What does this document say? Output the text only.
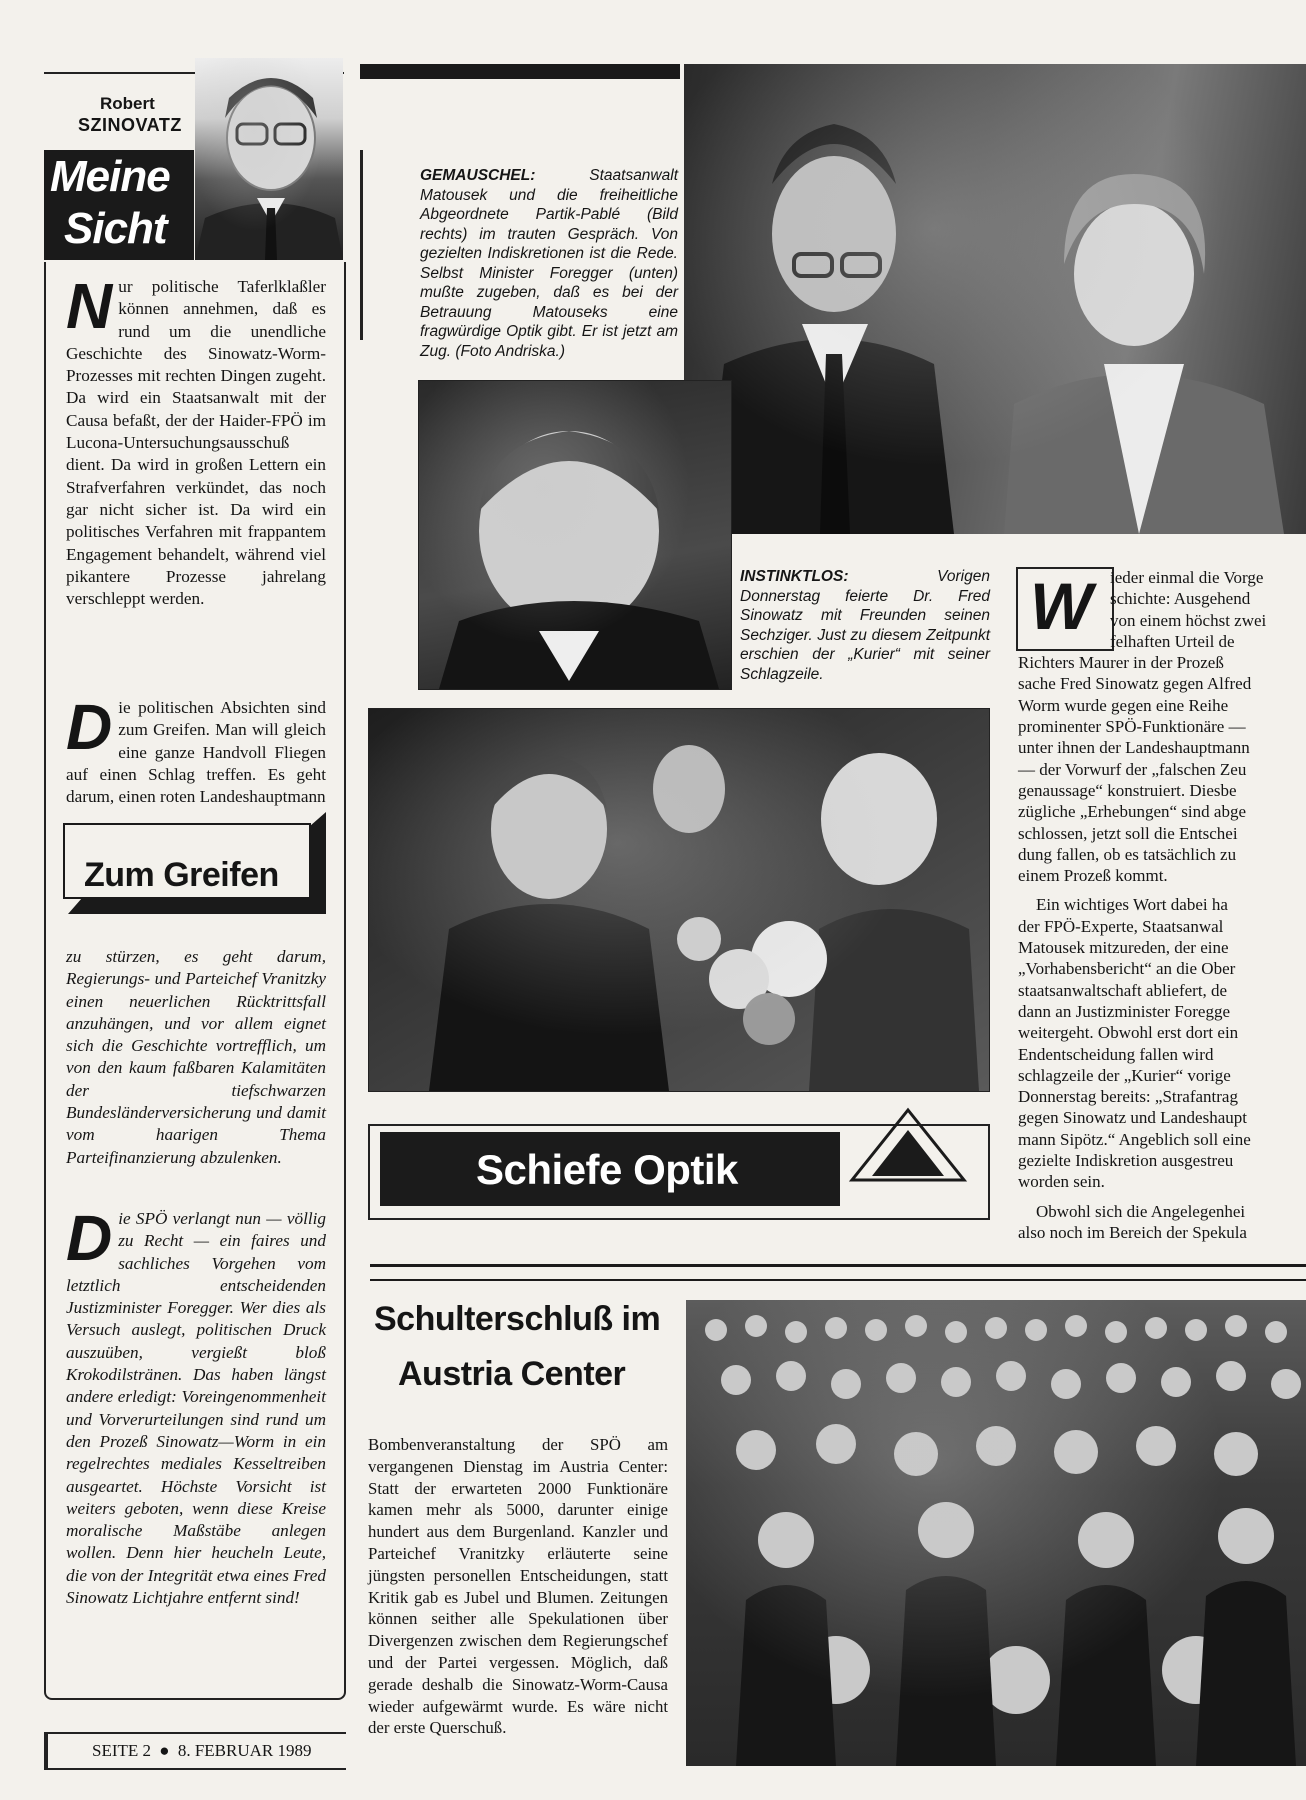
Robert
SZINOVATZ
Meine
Sicht
N ur politische Taferlklaßler können annehmen, daß es rund um die unendliche Geschichte des Sinowatz-Worm-Prozesses mit rechten Dingen zugeht. Da wird ein Staatsanwalt mit der Causa befaßt, der der Haider-FPÖ im Lucona-Untersuchungsausschuß dient. Da wird in großen Lettern ein Strafverfahren verkündet, das noch gar nicht sicher ist. Da wird ein politisches Verfahren mit frappantem Engagement behandelt, während viel pikantere Prozesse jahrelang verschleppt werden.
D ie politischen Absichten sind zum Greifen. Man will gleich eine ganze Handvoll Fliegen auf einen Schlag treffen. Es geht darum, einen roten Landeshauptmann
Zum Greifen
zu stürzen, es geht darum, Regierungs- und Parteichef Vranitzky einen neuerlichen Rücktrittsfall anzuhängen, und vor allem eignet sich die Geschichte vortrefflich, um von den kaum faßbaren Kalamitäten der tiefschwarzen Bundesländerversicherung und damit vom haarigen Thema Parteifinanzierung abzulenken.
D ie SPÖ verlangt nun — völlig zu Recht — ein faires und sachliches Vorgehen vom letztlich entscheidenden Justizminister Foregger. Wer dies als Versuch auslegt, politischen Druck auszuüben, vergießt bloß Krokodilstränen. Das haben längst andere erledigt: Voreingenommenheit und Vorverurteilungen sind rund um den Prozeß Sinowatz—Worm in ein regelrechtes mediales Kesseltreiben ausgeartet. Höchste Vorsicht ist weiters geboten, wenn diese Kreise moralische Maßstäbe anlegen wollen. Denn hier heucheln Leute, die von der Integrität etwa eines Fred Sinowatz Lichtjahre entfernt sind!
SEITE 2 ● 8. FEBRUAR 1989
GEMAUSCHEL:	Staatsanwalt Matousek und die freiheitliche Abgeordnete Partik-Pablé (Bild rechts) im trauten Gespräch. Von gezielten Indiskretionen ist die Rede. Selbst Minister Foregger (unten) mußte zugeben, daß es bei der Betrauung Matouseks eine fragwürdige Optik gibt. Er ist jetzt am Zug. (Foto Andriska.)
INSTINKTLOS:	Vorigen Donnerstag feierte Dr. Fred Sinowatz mit Freunden seinen Sechziger. Just zu diesem Zeitpunkt erschien der „Kurier“ mit seiner Schlagzeile.
Schiefe Optik
W	ieder einmal die Vorge
schichte: Ausgehend
von einem höchst zwei
felhaften Urteil de
Richters Maurer in der Prozeß
sache Fred Sinowatz gegen Alfred
Worm wurde gegen eine Reihe
prominenter SPÖ-Funktionäre —
unter ihnen der Landeshauptmann
— der Vorwurf der „falschen Zeu
genaussage“ konstruiert. Diesbe
zügliche „Erhebungen“ sind abge
schlossen, jetzt soll die Entschei
dung fallen, ob es tatsächlich zu
einem Prozeß kommt.
Ein wichtiges Wort dabei ha
der FPÖ-Experte, Staatsanwal
Matousek mitzureden, der eine
„Vorhabensbericht“ an die Ober
staatsanwaltschaft abliefert, de
dann an Justizminister Foregge
weitergeht. Obwohl erst dort ein
Endentscheidung fallen wird
schlagzeile der „Kurier“ vorige
Donnerstag bereits: „Strafantrag
gegen Sinowatz und Landeshaupt
mann Sipötz.“ Angeblich soll eine
gezielte Indiskretion ausgestreu
worden sein.
Obwohl sich die Angelegenhei
also noch im Bereich der Spekula
Schulterschluß im
Austria Center
Bombenveranstaltung der SPÖ am vergangenen Dienstag im Austria Center: Statt der erwarteten 2000 Funktionäre kamen mehr als 5000, darunter einige hundert aus dem Burgenland. Kanzler und Parteichef Vranitzky erläuterte seine jüngsten personellen Entscheidungen, statt Kritik gab es Jubel und Blumen. Zeitungen können seither alle Spekulationen über Divergenzen zwischen dem Regierungschef und der Partei vergessen. Möglich, daß gerade deshalb die Sinowatz-Worm-Causa wieder aufgewärmt wurde. Es wäre nicht der erste Querschuß.
